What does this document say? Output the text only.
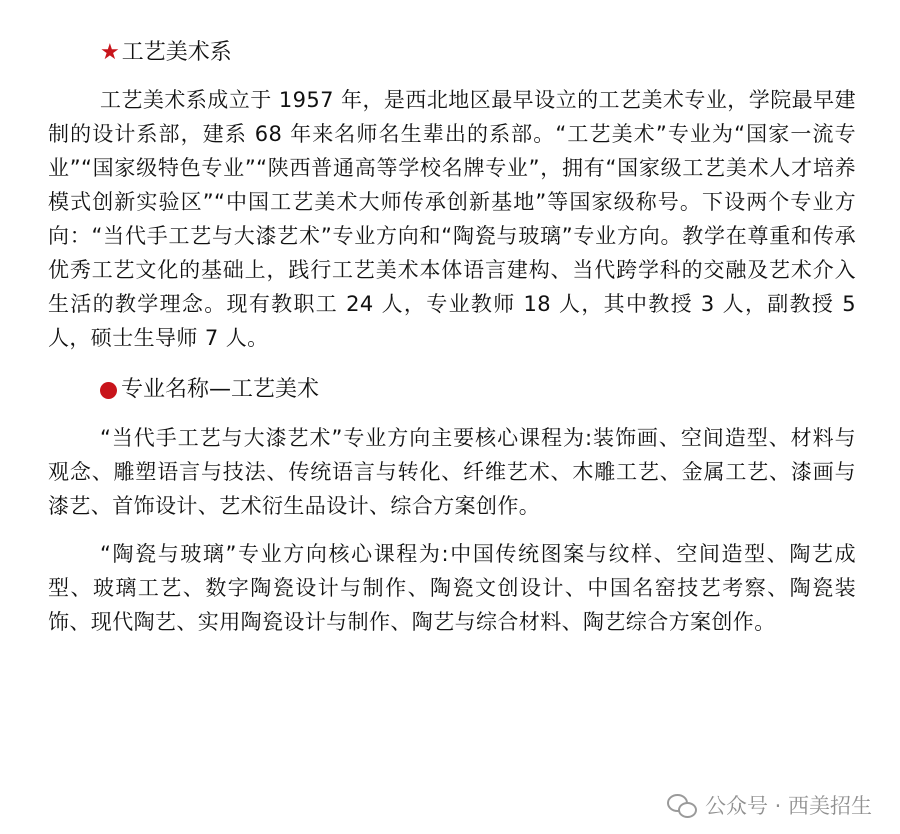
★ 工艺美术系

工艺美术系成立于 1957 年，是西北地区最早设立的工艺美术专业，学院最早建制的设计系部，建系 68 年来名师名生辈出的系部。“工艺美术”专业为“国家一流专业”“国家级特色专业”“陕西普通高等学校名牌专业”，拥有“国家级工艺美术人才培养模式创新实验区”“中国工艺美术大师传承创新基地”等国家级称号。下设两个专业方向：“当代手工艺与大漆艺术”专业方向和“陶瓷与玻璃”专业方向。教学在尊重和传承优秀工艺文化的基础上，践行工艺美术本体语言建构、当代跨学科的交融及艺术介入生活的教学理念。现有教职工 24 人，专业教师 18 人，其中教授 3 人，副教授 5 人，硕士生导师 7 人。

专业名称—工艺美术

“当代手工艺与大漆艺术”专业方向主要核心课程为:装饰画、空间造型、材料与观念、雕塑语言与技法、传统语言与转化、纤维艺术、木雕工艺、金属工艺、漆画与漆艺、首饰设计、艺术衍生品设计、综合方案创作。

“陶瓷与玻璃”专业方向核心课程为:中国传统图案与纹样、空间造型、陶艺成型、玻璃工艺、数字陶瓷设计与制作、陶瓷文创设计、中国名窑技艺考察、陶瓷装饰、现代陶艺、实用陶瓷设计与制作、陶艺与综合材料、陶艺综合方案创作。

公众号 · 西美招生
